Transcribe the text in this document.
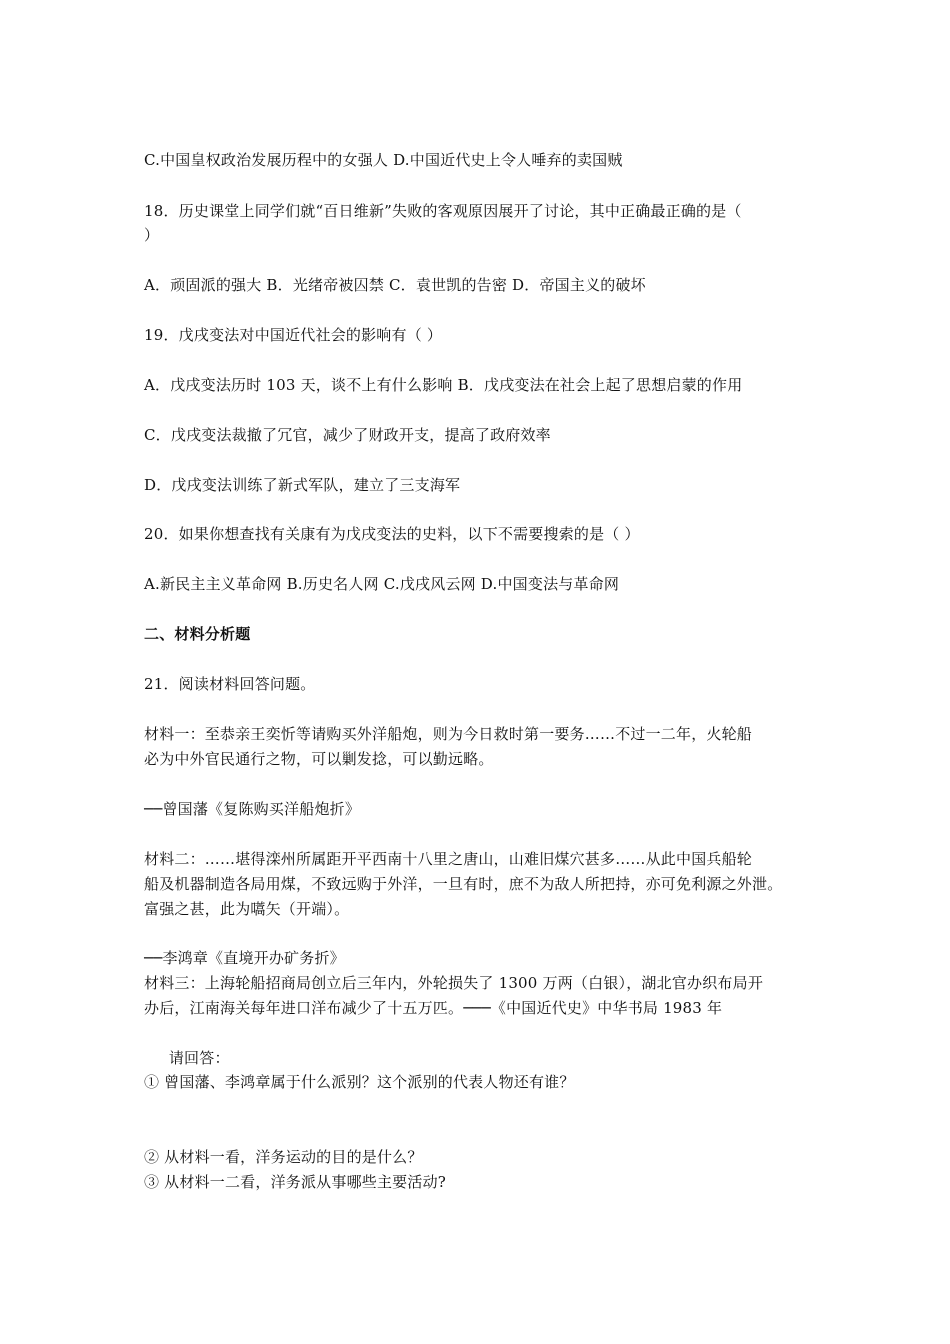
C.中国皇权政治发展历程中的女强人 D.中国近代史上令人唾弃的卖国贼
18．历史课堂上同学们就“百日维新”失败的客观原因展开了讨论，其中正确最正确的是（
）
A．顽固派的强大 B．光绪帝被囚禁 C．袁世凯的告密 D．帝国主义的破坏
19．戊戌变法对中国近代社会的影响有（ ）
A．戊戌变法历时 103 天，谈不上有什么影响 B．戊戌变法在社会上起了思想启蒙的作用
C．戊戌变法裁撤了冗官，减少了财政开支，提高了政府效率
D．戊戌变法训练了新式军队，建立了三支海军
20．如果你想查找有关康有为戊戌变法的史料，以下不需要搜索的是（ ）
A.新民主主义革命网 B.历史名人网 C.戊戌风云网 D.中国变法与革命网
二、材料分析题
21．阅读材料回答问题。
材料一：至恭亲王奕忻等请购买外洋船炮，则为今日救时第一要务……不过一二年，火轮船
必为中外官民通行之物，可以剿发捻，可以勤远略。
──曾国藩《复陈购买洋船炮折》
材料二：……堪得滦州所属距开平西南十八里之唐山，山难旧煤穴甚多……从此中国兵船轮
船及机器制造各局用煤，不致远购于外洋，一旦有时，庶不为敌人所把持，亦可免利源之外泄。
富强之甚，此为嚆矢（开端）。
──李鸿章《直境开办矿务折》
材料三：上海轮船招商局创立后三年内，外轮损失了 1300 万两（白银），湖北官办织布局开
办后，江南海关每年进口洋布减少了十五万匹。───《中国近代史》中华书局 1983 年
请回答：
① 曾国藩、李鸿章属于什么派别？这个派别的代表人物还有谁？
② 从材料一看，洋务运动的目的是什么？
③ 从材料一二看，洋务派从事哪些主要活动?
